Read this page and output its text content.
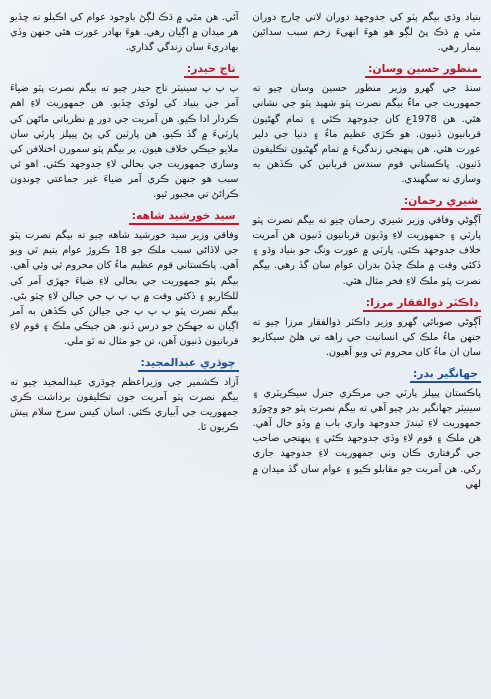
بنياد وڌي بيگم پٽو کي جدوجهد دوران لاتي چارج دوران مٿي ۾ ڌڪ پڻ لڳو هو هوءَ انهيءَ زخم سبب سدائين بيمار رهي.

منظور حسين وسان:

سنڌ جي گهرو وزير منظور حسين وسان چيو ته جمهوريت جي ماءُ بيگم نصرت پٽو شهيد پٽو جي نشاني هئي. هن 1978ع کان جدوجهد ڪئي ۽ تمام گهڻيون قربانيون ڏنيون. هو ڪڙي عظيم ماءُ ۽ دنيا جي دلير عورت هئي. هن پنهنجي زندگيءَ ۾ تمام گهڻيون تڪليفون ڏٺيون. پاڪستاني قوم سندس قربانين کي ڪڏهن به وساري نه سگهندي.

شيري رحمان:

آڳوڻي وفاقي وزير شيري رحمان چيو ته بيگم نصرت پٽو پارٽي ۽ جمهوريت لاءِ وڏيون قربانيون ڏنيون هن آمريت خلاف جدوجهد ڪئي. پارٽي ۾ عورت ونگ جو بنياد وڌو ۽ ڏکئي وقت ۾ ملڪ ڇڏڻ بدران عوام سان گڏ رهي. بيگم نصرت پٽو ملڪ لاءِ فخر مثال هئي.

ڊاڪٽر ذوالفقار مرزا:

آڳوڻي صوبائي گهرو وزير ڊاڪٽر ذوالفقار مرزا چيو ته جنهن ماءُ ملڪ کي انسانيت جي راهه تي هلڻ سيکاريو سان ان ماءُ کان محروم ٿي ويو آهيون.

جهانگير بدر:

پاڪستان پيپلز پارٽي جي مرڪزي جنرل سيڪريٽري ۽ سينيٽر جهانگير بدر چيو آهي ته بيگم نصرت پٽو جو وڇوڙو جمهوريت لاءِ ٿيندڙ جدوجهد واري باب ۾ وڏو خال آهي. هن ملڪ ۽ قوم لاءِ وڏي جدوجهد ڪئي ۽ پنهنجي صاحب جي گرفتاري ڪان وٺي جمهوريت لاءِ جدوجهد جاري رکي. هن آمريت جو مقابلو ڪيو ۽ عوام سان گڏ ميدان ۾ لهي

آئي. هن مٿي ۾ ڌڪ لڳڻ باوجود عوام کي اڪيلو نه ڇڏيو هر ميدان ۾ اڳيان رهي. هوءَ بهادر عورت هئي جنهن وڏي بهادريءَ سان زندگي گذاري.

تاج حيدر:

پ پ پ سينيٽر تاج حيدر چيو ته بيگم نصرت پٽو ضياءَ آمر جي بنياد کي لوڏي ڇڏيو. هن جمهوريت لاءِ اهم ڪردار ادا ڪيو. هن آمريت جي دور ۾ نظرياتي ماڻهن کي پارٽيءَ ۾ گڏ ڪيو. هن پارٽين کي پڻ پيپلز پارٽي سان ملايو جيڪي خلاف هيون. پر بيگم پٽو سمورن اختلافن کي وساري جمهوريت جي بحالي لاءِ جدوجهد ڪئي. اهو ئي سبب هو جنهن ڪري آمر ضياءَ غير جماعتي چونڊون ڪرائڻ تي مجبور ٿيو.

سيد خورشيد شاهه:

وفاقي وزير سيد خورشيد شاهه چيو ته بيگم نصرت پٽو جي لاڏاڻي سبب ملڪ جو 18 ڪروڙ عوام يتيم ٿي ويو آهي. پاڪستاني قوم عظيم ماءُ کان محروم ٿي وئي آهي. بيگم پٽو جمهوريت جي بحالي لاءِ ضياءَ جهڙي آمر کي للڪاريو ۽ ڏکئي وقت ۾ پ پ پ جي جيالن لاءِ چٽو بڻي. بيگم نصرت پٽو پ پ پ جي جيالن کي ڪڏهن به آمر اڳيان نه جهڪڻ جو درس ڏنو. هن جيڪي ملڪ ۽ قوم لاءِ قربانيون ڏنيون آهن، تن جو مثال نه ٿو ملي.

چوڌري عبدالمجيد:

آزاد ڪشمير جي وزيراعظم چوڌري عبدالمجيد چيو ته بيگم نصرت پٽو آمريت جون تڪليفون برداشت ڪري جمهوريت جي آبياري ڪئي. اسان کيس سرخ سلام پيش ڪريون ٿا.
